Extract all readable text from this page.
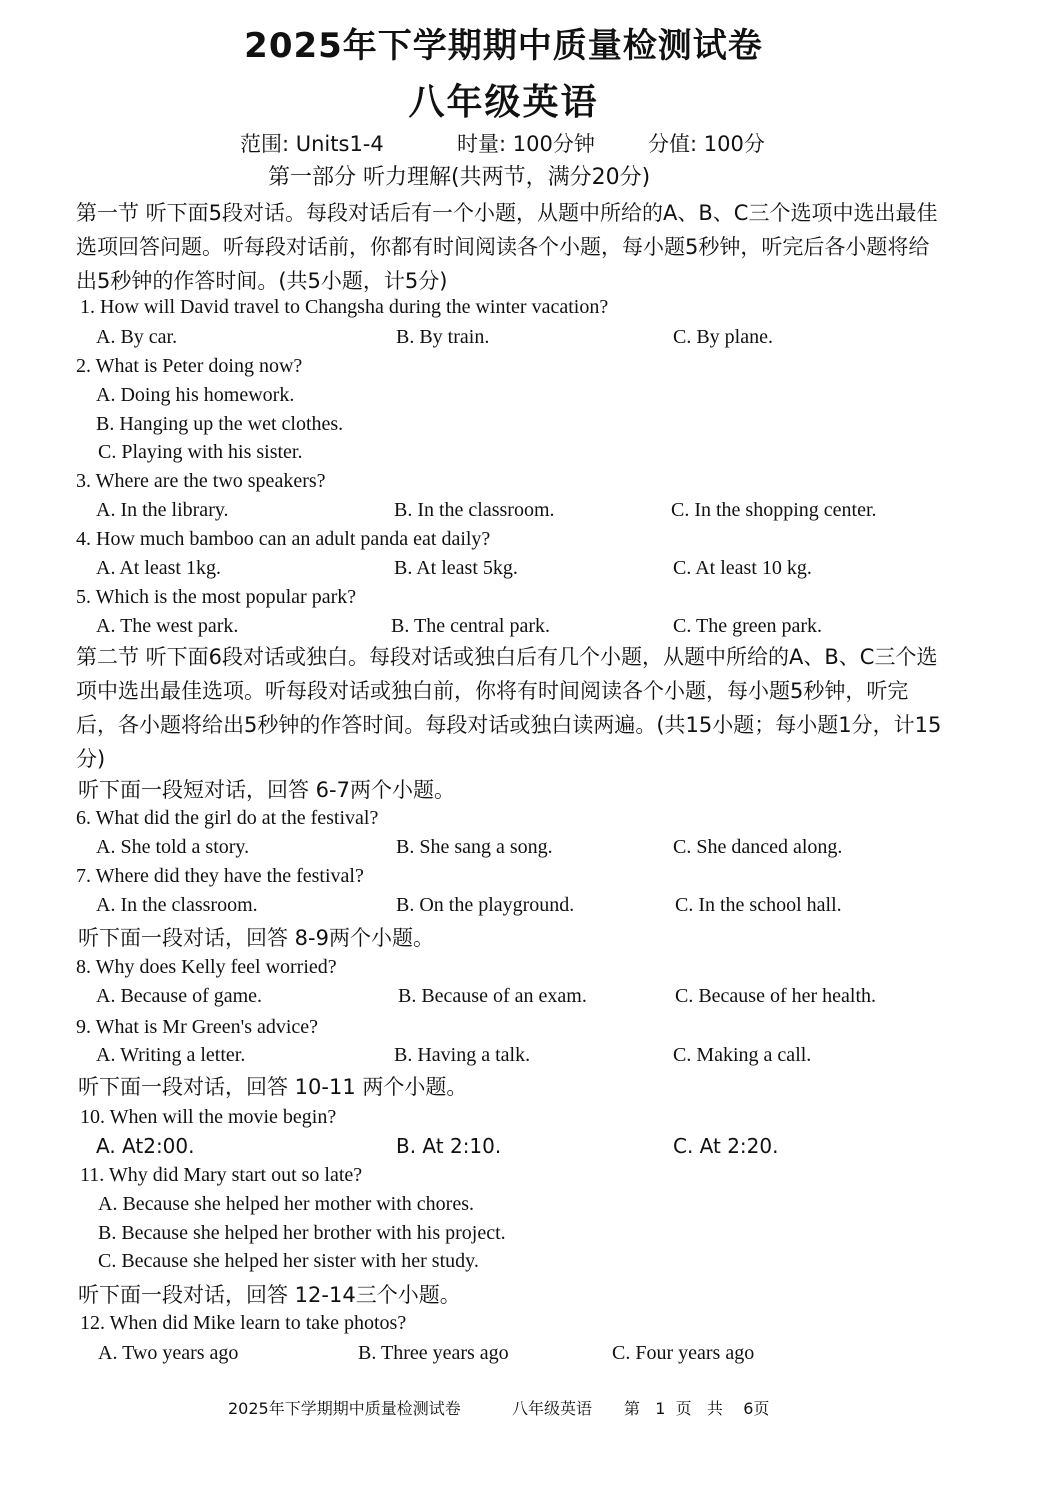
2025年下学期期中质量检测试卷
八年级英语
范围: Units1-4	时量: 100分钟	分值: 100分
第一部分 听力理解(共两节，满分20分)
第一节 听下面5段对话。每段对话后有一个小题，从题中所给的A、B、C三个选项中选出最佳选项回答问题。听每段对话前，你都有时间阅读各个小题，每小题5秒钟，听完后各小题将给出5秒钟的作答时间。(共5小题，计5分)
1. How will David travel to Changsha during the winter vacation?
A. By car.	B. By train.	C. By plane.
2. What is Peter doing now?
A. Doing his homework.
B. Hanging up the wet clothes.
C. Playing with his sister.
3. Where are the two speakers?
A. In the library.	B. In the classroom.	C. In the shopping center.
4. How much bamboo can an adult panda eat daily?
A. At least 1kg.	B. At least 5kg.	C. At least 10 kg.
5. Which is the most popular park?
A. The west park.	B. The central park.	C. The green park.
第二节 听下面6段对话或独白。每段对话或独白后有几个小题，从题中所给的A、B、C三个选项中选出最佳选项。听每段对话或独白前，你将有时间阅读各个小题，每小题5秒钟，听完后，各小题将给出5秒钟的作答时间。每段对话或独白读两遍。(共15小题；每小题1分，计15分)
听下面一段短对话，回答 6-7两个小题。
6. What did the girl do at the festival?
A. She told a story.	B. She sang a song.	C. She danced along.
7. Where did they have the festival?
A. In the classroom.	B. On the playground.	C. In the school hall.
听下面一段对话，回答 8-9两个小题。
8. Why does Kelly feel worried?
A. Because of game.	B. Because of an exam.	C. Because of her health.
9. What is Mr Green's advice?
A. Writing a letter.	B. Having a talk.	C. Making a call.
听下面一段对话，回答 10-11 两个小题。
10. When will the movie begin?
A. At2:00.	B. At 2:10.	C. At 2:20.
11. Why did Mary start out so late?
A. Because she helped her mother with chores.
B. Because she helped her brother with his project.
C. Because she helped her sister with her study.
听下面一段对话，回答 12-14三个小题。
12. When did Mike learn to take photos?
A. Two years ago	B. Three years ago	C. Four years ago
2025年下学期期中质量检测试卷	八年级英语 第   1  页   共    6页
